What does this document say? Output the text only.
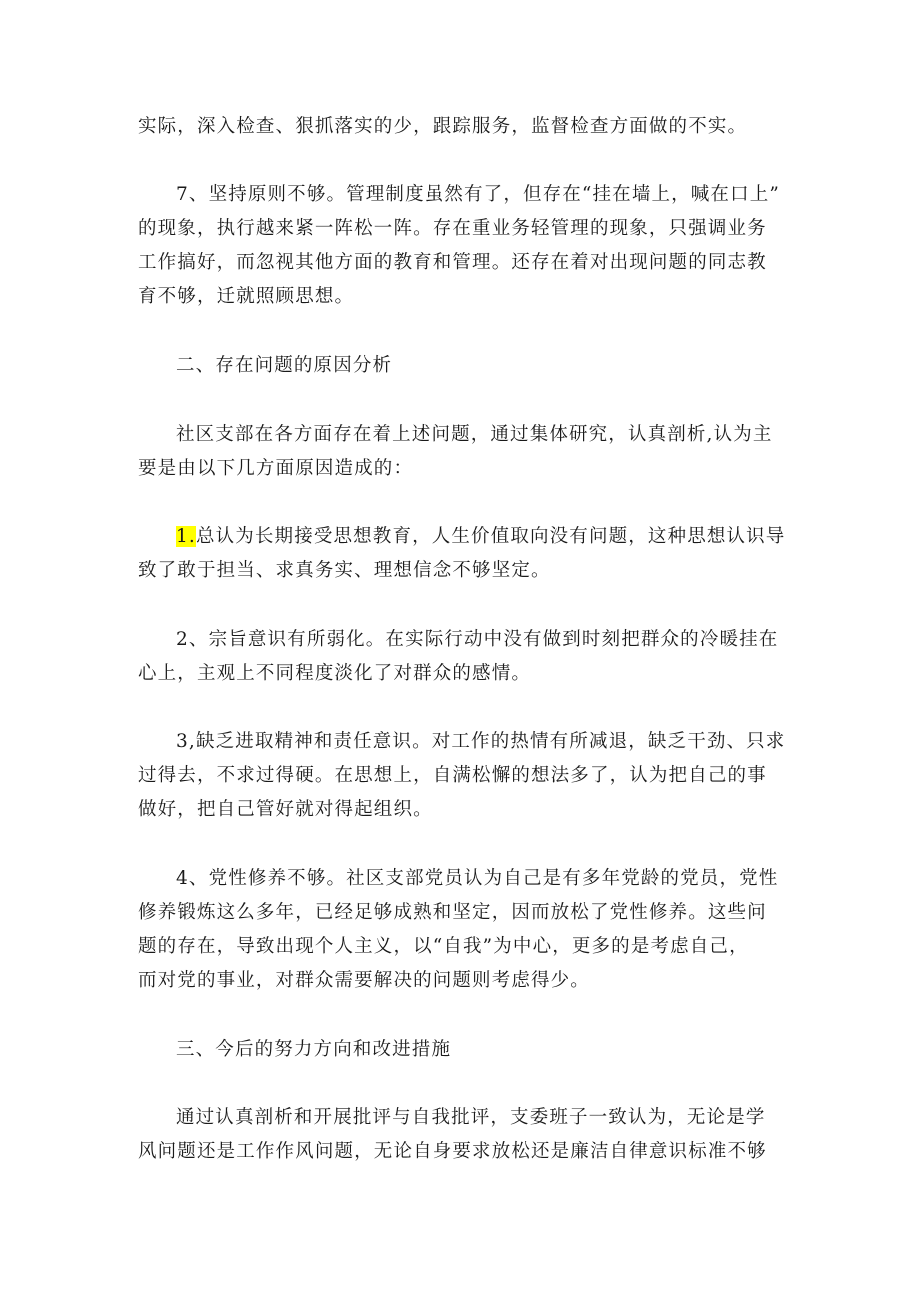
实际，深入检查、狠抓落实的少，跟踪服务，监督检查方面做的不实。
7、坚持原则不够。管理制度虽然有了，但存在“挂在墙上，喊在口上”
的现象，执行越来紧一阵松一阵。存在重业务轻管理的现象，只强调业务
工作搞好，而忽视其他方面的教育和管理。还存在着对出现问题的同志教
育不够，迁就照顾思想。
二、存在问题的原因分析
社区支部在各方面存在着上述问题，通过集体研究，认真剖析,认为主
要是由以下几方面原因造成的：
1.总认为长期接受思想教育，人生价值取向没有问题，这种思想认识导
致了敢于担当、求真务实、理想信念不够坚定。
2、宗旨意识有所弱化。在实际行动中没有做到时刻把群众的冷暖挂在
心上，主观上不同程度淡化了对群众的感情。
3,缺乏进取精神和责任意识。对工作的热情有所减退，缺乏干劲、只求
过得去，不求过得硬。在思想上，自满松懈的想法多了，认为把自己的事
做好，把自己管好就对得起组织。
4、党性修养不够。社区支部党员认为自己是有多年党龄的党员，党性
修养锻炼这么多年，已经足够成熟和坚定，因而放松了党性修养。这些问
题的存在，导致出现个人主义，以“自我”为中心，更多的是考虑自己，
而对党的事业，对群众需要解决的问题则考虑得少。
三、今后的努力方向和改进措施
通过认真剖析和开展批评与自我批评，支委班子一致认为，无论是学
风问题还是工作作风问题，无论自身要求放松还是廉洁自律意识标准不够
